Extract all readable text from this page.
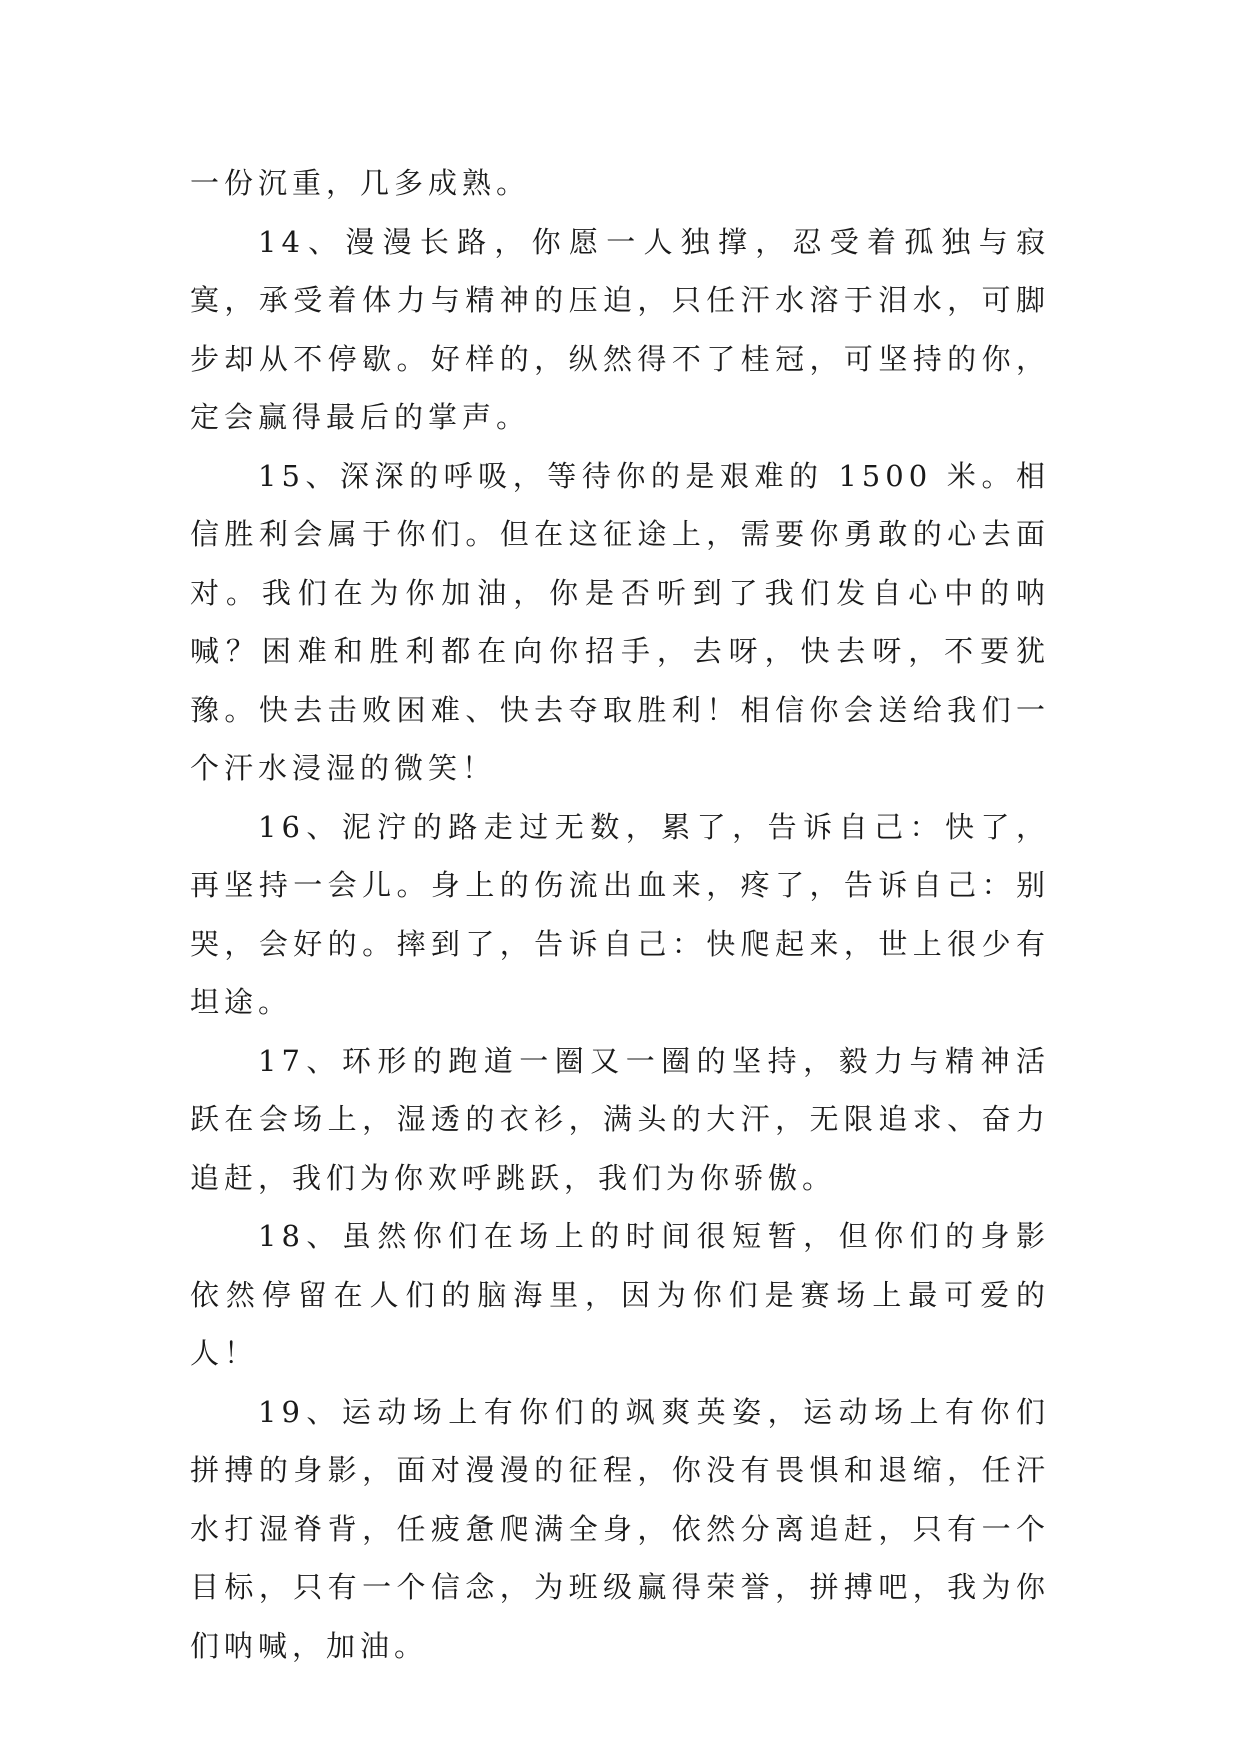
一份沉重，几多成熟。

14、漫漫长路，你愿一人独撑，忍受着孤独与寂寞，承受着体力与精神的压迫，只任汗水溶于泪水，可脚步却从不停歇。好样的，纵然得不了桂冠，可坚持的你，定会赢得最后的掌声。

15、深深的呼吸，等待你的是艰难的 1500 米。相信胜利会属于你们。但在这征途上，需要你勇敢的心去面对。我们在为你加油，你是否听到了我们发自心中的呐喊？困难和胜利都在向你招手，去呀，快去呀，不要犹豫。快去击败困难、快去夺取胜利！相信你会送给我们一个汗水浸湿的微笑！

16、泥泞的路走过无数，累了，告诉自己：快了，再坚持一会儿。身上的伤流出血来，疼了，告诉自己：别哭，会好的。摔到了，告诉自己：快爬起来，世上很少有坦途。

17、环形的跑道一圈又一圈的坚持，毅力与精神活跃在会场上，湿透的衣衫，满头的大汗，无限追求、奋力追赶，我们为你欢呼跳跃，我们为你骄傲。

18、虽然你们在场上的时间很短暂，但你们的身影依然停留在人们的脑海里，因为你们是赛场上最可爱的人！

19、运动场上有你们的飒爽英姿，运动场上有你们拼搏的身影，面对漫漫的征程，你没有畏惧和退缩，任汗水打湿脊背，任疲惫爬满全身，依然分离追赶，只有一个目标，只有一个信念，为班级赢得荣誉，拼搏吧，我为你们呐喊，加油。
